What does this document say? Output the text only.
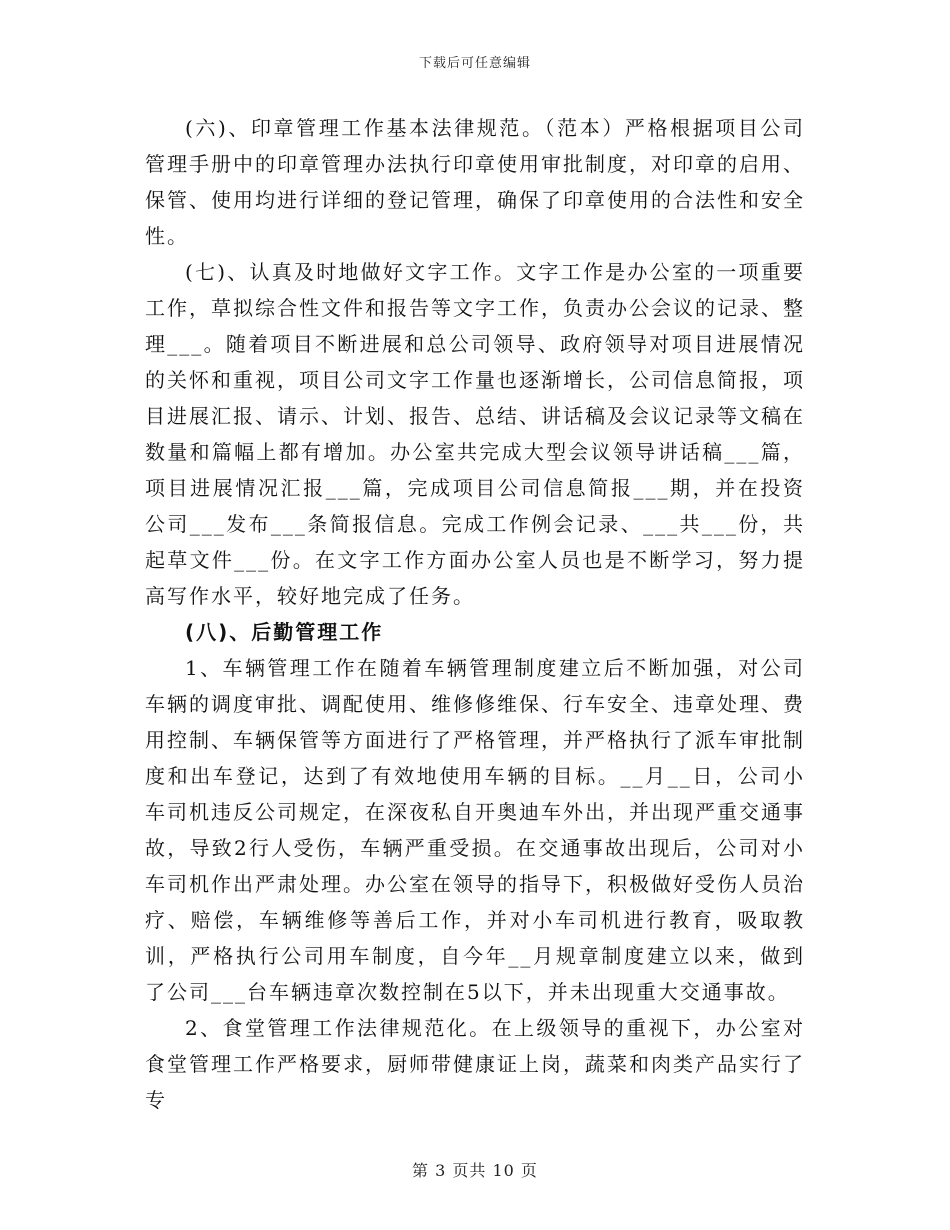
下载后可任意编辑

(六)、印章管理工作基本法律规范。（范本）严格根据项目公司管理手册中的印章管理办法执行印章使用审批制度，对印章的启用、保管、使用均进行详细的登记管理，确保了印章使用的合法性和安全性。

(七)、认真及时地做好文字工作。文字工作是办公室的一项重要工作，草拟综合性文件和报告等文字工作，负责办公会议的记录、整理___。随着项目不断进展和总公司领导、政府领导对项目进展情况的关怀和重视，项目公司文字工作量也逐渐增长，公司信息简报，项目进展汇报、请示、计划、报告、总结、讲话稿及会议记录等文稿在数量和篇幅上都有增加。办公室共完成大型会议领导讲话稿___篇，项目进展情况汇报___篇，完成项目公司信息简报___期，并在投资公司___发布___条简报信息。完成工作例会记录、___共___份，共起草文件___份。在文字工作方面办公室人员也是不断学习，努力提高写作水平，较好地完成了任务。

(八)、后勤管理工作

1、车辆管理工作在随着车辆管理制度建立后不断加强，对公司车辆的调度审批、调配使用、维修修维保、行车安全、违章处理、费用控制、车辆保管等方面进行了严格管理，并严格执行了派车审批制度和出车登记，达到了有效地使用车辆的目标。__月__日，公司小车司机违反公司规定，在深夜私自开奥迪车外出，并出现严重交通事故，导致2行人受伤，车辆严重受损。在交通事故出现后，公司对小车司机作出严肃处理。办公室在领导的指导下，积极做好受伤人员治疗、赔偿，车辆维修等善后工作，并对小车司机进行教育，吸取教训，严格执行公司用车制度，自今年__月规章制度建立以来，做到了公司___台车辆违章次数控制在5以下，并未出现重大交通事故。

2、食堂管理工作法律规范化。在上级领导的重视下，办公室对食堂管理工作严格要求，厨师带健康证上岗，蔬菜和肉类产品实行了专

第 3 页共 10 页
